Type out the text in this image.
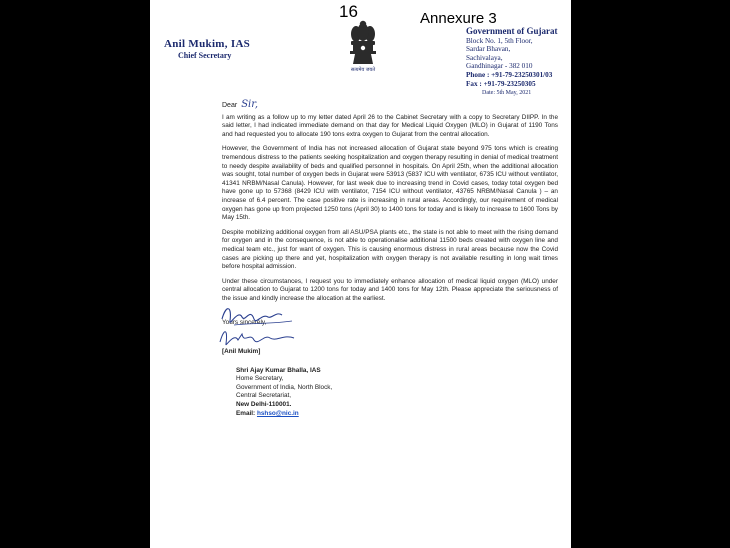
16	Annexure 3
Anil Mukim, IAS
Chief Secretary
सत्यमेव जयते
Government of Gujarat
Block No. 1, 5th Floor,
Sardar Bhavan,
Sachivalaya,
Gandhinagar - 382 010
Phone : +91-79-23250301/03
Fax : +91-79-23250305
Date: 5th May, 2021
Dear Sir,

I am writing as a follow up to my letter dated April 26 to the Cabinet Secretary with a copy to Secretary DIIPP. In the said letter, I had indicated immediate demand on that day for Medical Liquid Oxygen (MLO) in Gujarat of 1190 Tons and had requested you to allocate 190 tons extra oxygen to Gujarat from the central allocation.

However, the Government of India has not increased allocation of Gujarat state beyond 975 tons which is creating tremendous distress to the patients seeking hospitalization and oxygen therapy resulting in denial of medical treatment to needy despite availability of beds and qualified personnel in hospitals. On April 25th, when the additional allocation was sought, total number of oxygen beds in Gujarat were 53913 (5837 ICU with ventilator, 6735 ICU without ventilator, 41341 NRBM/Nasal Canula). However, for last week due to increasing trend in Covid cases, today total oxygen bed have gone up to 57368 (8429 ICU with ventilator, 7154 ICU without ventilator, 43765 NRBM/Nasal Canula ) – an increase of 6.4 percent. The case positive rate is increasing in rural areas. Accordingly, our requirement of medical oxygen has gone up from projected 1250 tons (April 30) to 1400 tons for today and is likely to increase to 1600 Tons by May 15th.

Despite mobilizing additional oxygen from all ASU/PSA plants etc., the state is not able to meet with the rising demand for oxygen and in the consequence, is not able to operationalise additional 11500 beds created with oxygen line and medical team etc., just for want of oxygen. This is causing enormous distress in rural areas because now the Covid cases are picking up there and yet, hospitalization with oxygen therapy is not available resulting in long wait times before hospital admission.

Under these circumstances, I request you to immediately enhance allocation of medical liquid oxygen (MLO) under central allocation to Gujarat to 1200 tons for today and 1400 tons for May 12th. Please appreciate the seriousness of the issue and kindly increase the allocation at the earliest.

Yours sincerely,
[Anil Mukim]
Shri Ajay Kumar Bhalla, IAS
Home Secretary,
Government of India, North Block,
Central Secretariat,
New Delhi-110001.
Email: hshso@nic.in
